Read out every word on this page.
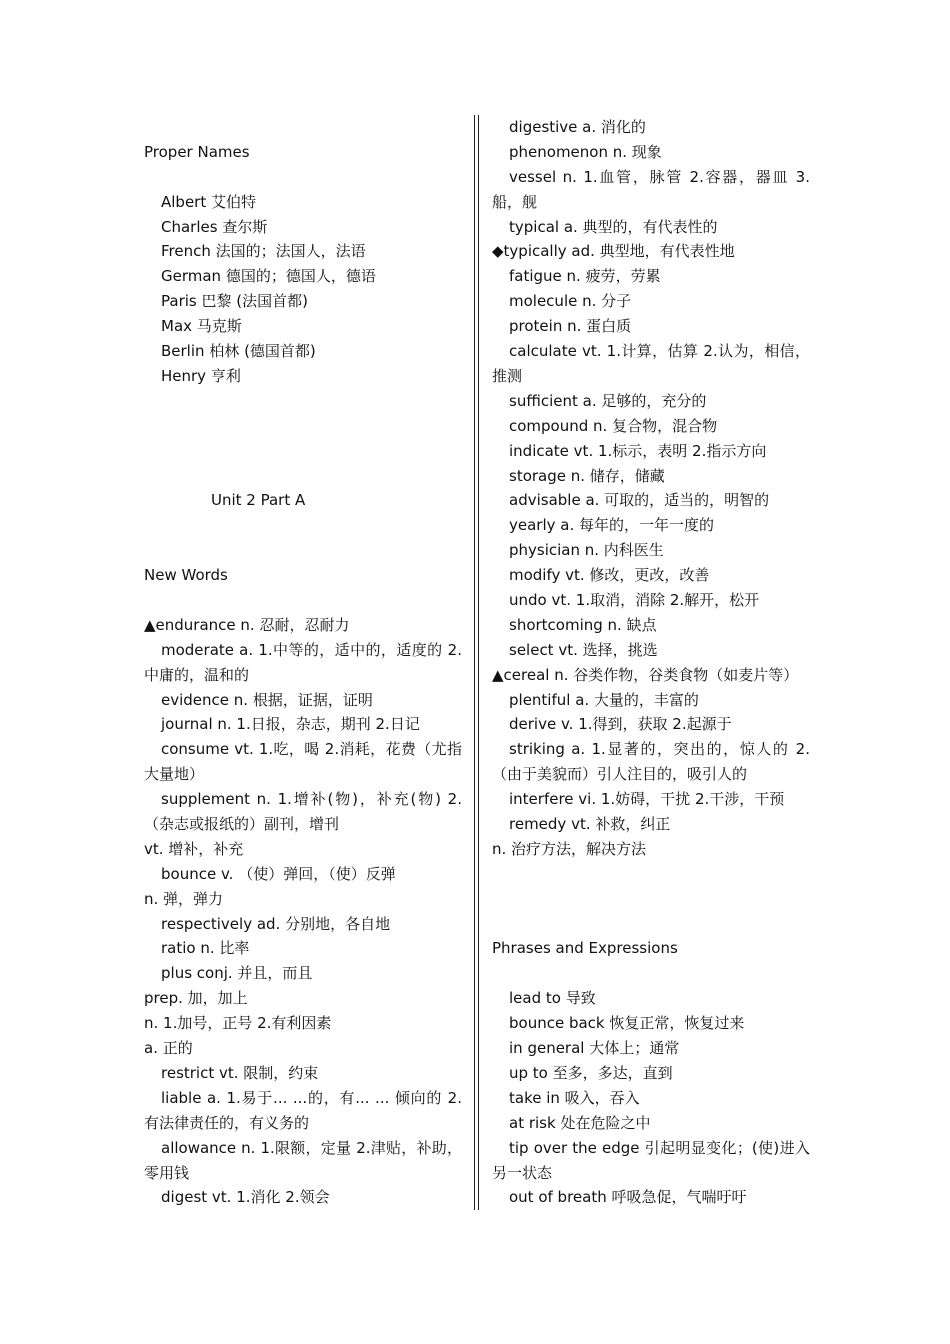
Proper Names
Albert 艾伯特
Charles 查尔斯
French 法国的；法国人，法语
German 德国的；德国人，德语
Paris 巴黎 (法国首都)
Max 马克斯
Berlin 柏林 (德国首都)
Henry 亨利
Unit 2 Part A
New Words
▲endurance n. 忍耐，忍耐力
moderate a. 1.中等的，适中的，适度的 2.中庸的，温和的
evidence n. 根据，证据，证明
journal n. 1.日报，杂志，期刊 2.日记
consume vt. 1.吃，喝 2.消耗，花费（尤指大量地）
supplement n. 1.增补(物)，补充(物) 2.（杂志或报纸的）副刊，增刊
vt. 增补，补充
bounce v. （使）弹回，（使）反弹
n. 弹，弹力
respectively ad. 分别地，各自地
ratio n. 比率
plus conj. 并且，而且
prep. 加，加上
n. 1.加号，正号 2.有利因素
a. 正的
restrict vt. 限制，约束
liable a. 1.易于... ...的，有... ... 倾向的 2.有法律责任的，有义务的
allowance n. 1.限额，定量 2.津贴，补助，零用钱
digest vt. 1.消化 2.领会
digestive a. 消化的
phenomenon n. 现象
vessel n. 1.血管，脉管 2.容器，器皿 3.船，舰
typical a. 典型的，有代表性的
◆typically ad. 典型地，有代表性地
fatigue n. 疲劳，劳累
molecule n. 分子
protein n. 蛋白质
calculate vt. 1.计算，估算 2.认为，相信，推测
sufficient a. 足够的，充分的
compound n. 复合物，混合物
indicate vt. 1.标示，表明 2.指示方向
storage n. 储存，储藏
advisable a. 可取的，适当的，明智的
yearly a. 每年的，一年一度的
physician n. 内科医生
modify vt. 修改，更改，改善
undo vt. 1.取消，消除 2.解开，松开
shortcoming n. 缺点
select vt. 选择，挑选
▲cereal n. 谷类作物，谷类食物（如麦片等）
plentiful a. 大量的，丰富的
derive v. 1.得到，获取 2.起源于
striking a. 1.显著的，突出的，惊人的 2.（由于美貌而）引人注目的，吸引人的
interfere vi. 1.妨碍，干扰 2.干涉，干预
remedy vt. 补救，纠正
n. 治疗方法，解决方法
Phrases and Expressions
lead to 导致
bounce back 恢复正常，恢复过来
in general 大体上；通常
up to 至多，多达，直到
take in 吸入，吞入
at risk 处在危险之中
tip over the edge 引起明显变化；(使)进入另一状态
out of breath 呼吸急促，气喘吁吁
